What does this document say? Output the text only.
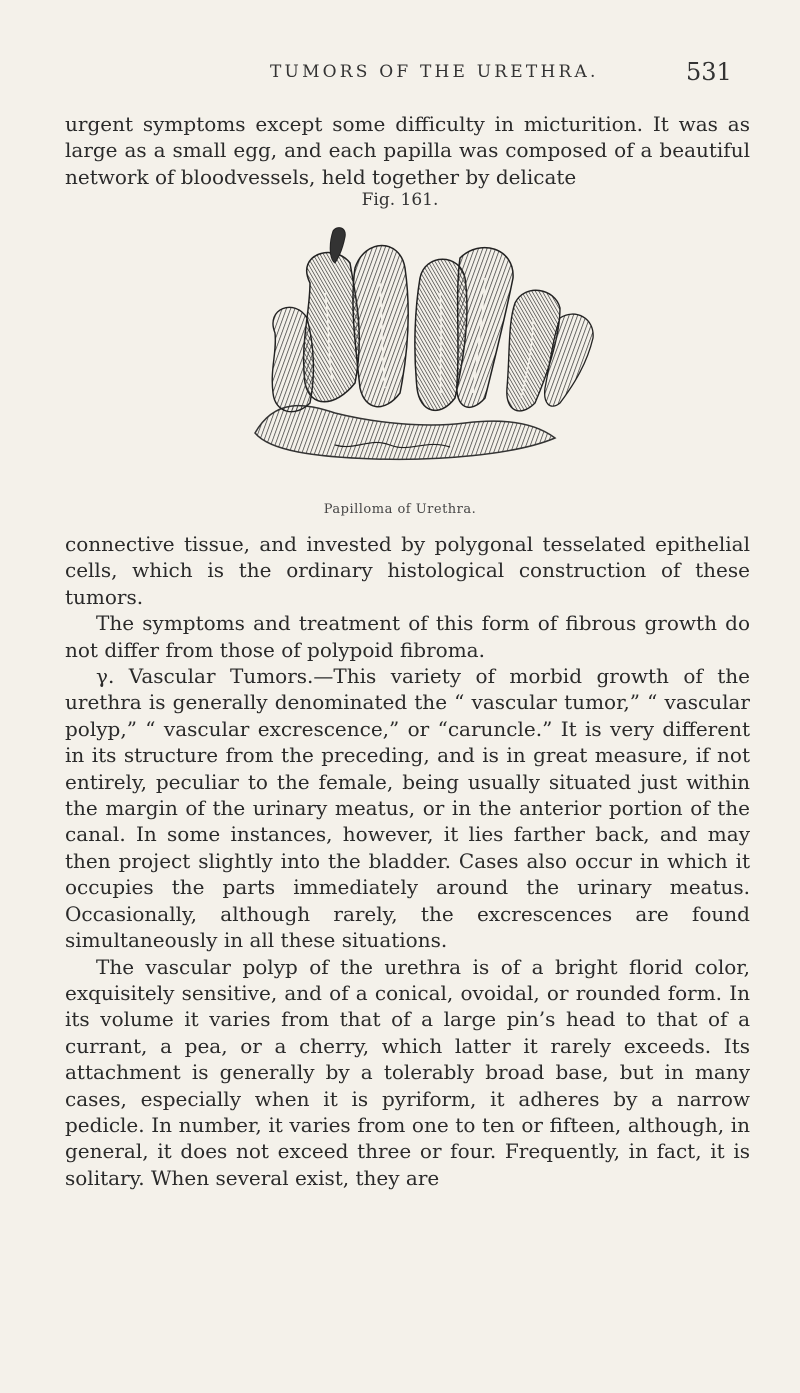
TUMORS OF THE URETHRA.	531

urgent symptoms except some difficulty in micturition. It was as large as a small egg, and each papilla was composed of a beautiful network of bloodvessels, held together by delicate

Fig. 161.
Papilloma of Urethra.

connective tissue, and invested by polygonal tesselated epithelial cells, which is the ordinary histological construction of these tumors.

The symptoms and treatment of this form of fibrous growth do not differ from those of polypoid fibroma.

γ. Vascular Tumors.—This variety of morbid growth of the urethra is generally denominated the “ vascular tumor,” “ vascular polyp,” “ vascular excrescence,” or “caruncle.” It is very different in its structure from the preceding, and is in great measure, if not entirely, peculiar to the female, being usually situated just within the margin of the urinary meatus, or in the anterior portion of the canal. In some instances, however, it lies farther back, and may then project slightly into the bladder. Cases also occur in which it occupies the parts immediately around the urinary meatus. Occasionally, although rarely, the excrescences are found simultaneously in all these situations.

The vascular polyp of the urethra is of a bright florid color, exquisitely sensitive, and of a conical, ovoidal, or rounded form. In its volume it varies from that of a large pin’s head to that of a currant, a pea, or a cherry, which latter it rarely exceeds. Its attachment is generally by a tolerably broad base, but in many cases, especially when it is pyriform, it adheres by a narrow pedicle. In number, it varies from one to ten or fifteen, although, in general, it does not exceed three or four. Frequently, in fact, it is solitary. When several exist, they are
